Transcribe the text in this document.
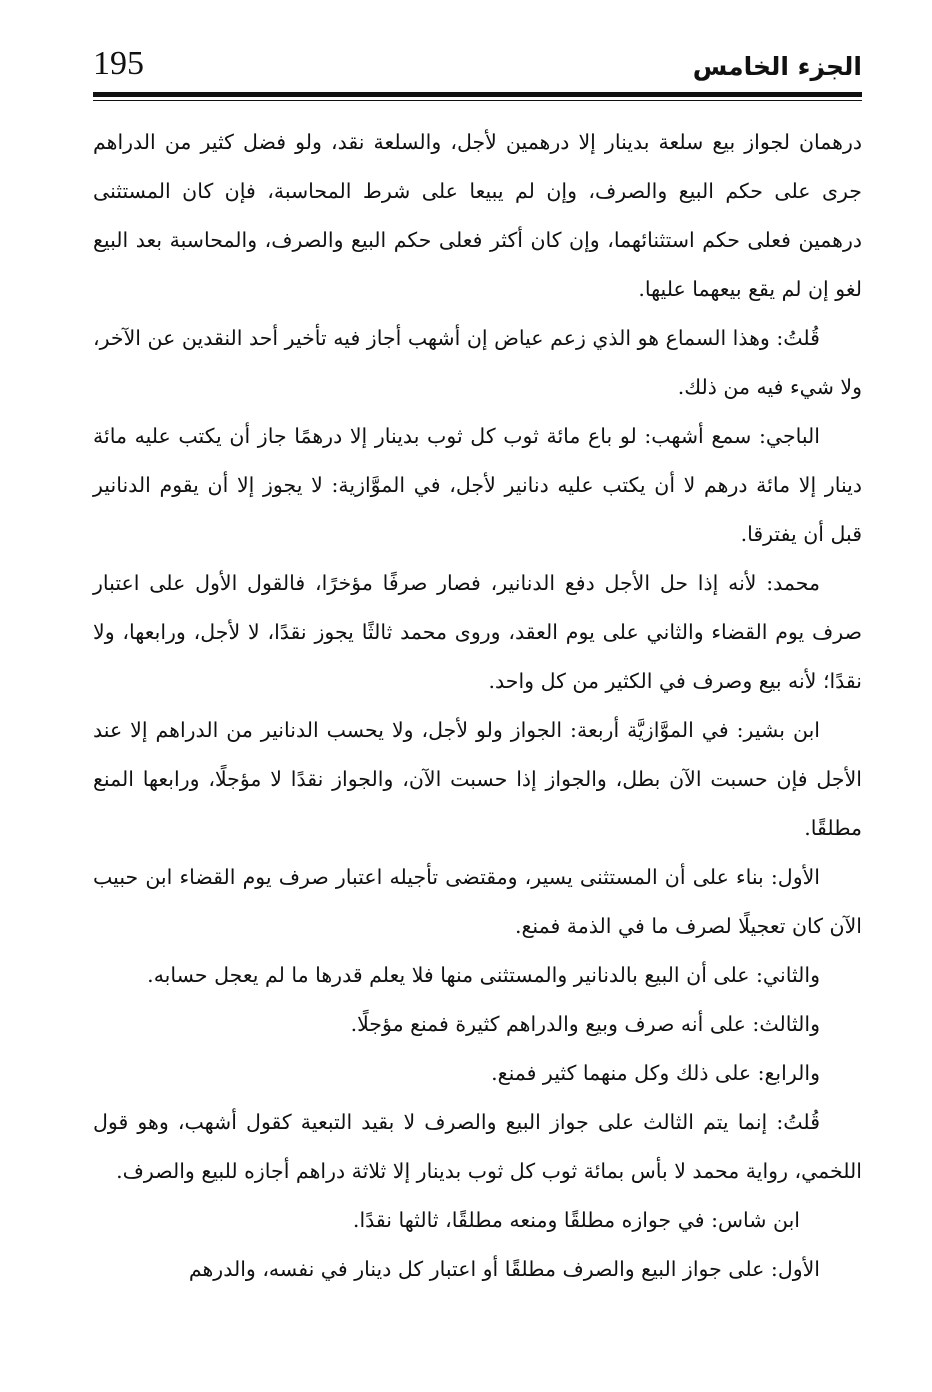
195	الجزء الخامس

درهمان لجواز بيع سلعة بدينار إلا درهمين لأجل، والسلعة نقد، ولو فضل كثير من الدراهم جرى على حكم البيع والصرف، وإن لم يبيعا على شرط المحاسبة، فإن كان المستثنى درهمين فعلى حكم استثنائهما، وإن كان أكثر فعلى حكم البيع والصرف، والمحاسبة بعد البيع لغو إن لم يقع بيعهما عليها.

قُلتُ: وهذا السماع هو الذي زعم عياض إن أشهب أجاز فيه تأخير أحد النقدين عن الآخر، ولا شيء فيه من ذلك.

الباجي: سمع أشهب: لو باع مائة ثوب كل ثوب بدينار إلا درهمًا جاز أن يكتب عليه مائة دينار إلا مائة درهم لا أن يكتب عليه دنانير لأجل، في الموَّازية: لا يجوز إلا أن يقوم الدنانير قبل أن يفترقا.

محمد: لأنه إذا حل الأجل دفع الدنانير، فصار صرفًا مؤخرًا، فالقول الأول على اعتبار صرف يوم القضاء والثاني على يوم العقد، وروى محمد ثالثًا يجوز نقدًا، لا لأجل، ورابعها، ولا نقدًا؛ لأنه بيع وصرف في الكثير من كل واحد.

ابن بشير: في الموَّازيَّة أربعة: الجواز ولو لأجل، ولا يحسب الدنانير من الدراهم إلا عند الأجل فإن حسبت الآن بطل، والجواز إذا حسبت الآن، والجواز نقدًا لا مؤجلًا، ورابعها المنع مطلقًا.

الأول: بناء على أن المستثنى يسير، ومقتضى تأجيله اعتبار صرف يوم القضاء ابن حبيب الآن كان تعجيلًا لصرف ما في الذمة فمنع.

والثاني: على أن البيع بالدنانير والمستثنى منها فلا يعلم قدرها ما لم يعجل حسابه.

والثالث: على أنه صرف وبيع والدراهم كثيرة فمنع مؤجلًا.

والرابع: على ذلك وكل منهما كثير فمنع.

قُلتُ: إنما يتم الثالث على جواز البيع والصرف لا بقيد التبعية كقول أشهب، وهو قول اللخمي، رواية محمد لا بأس بمائة ثوب كل ثوب بدينار إلا ثلاثة دراهم أجازه للبيع والصرف.

ابن شاس: في جوازه مطلقًا ومنعه مطلقًا، ثالثها نقدًا.

الأول: على جواز البيع والصرف مطلقًا أو اعتبار كل دينار في نفسه، والدرهم
